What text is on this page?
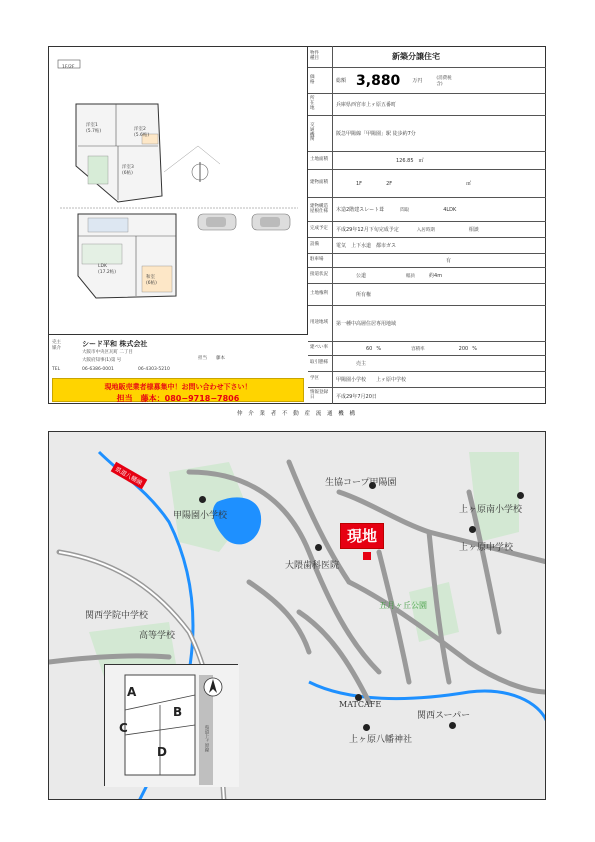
1F/2F
洋室1
(5.7帖)	洋室2
(5.6帖)
洋室3
(6帖)
LDK
(17.2帖)
和室
(6帖)
物件
種目	新築分譲住宅
価
格	総額 3,880	万円	(消費税
含)
所
在
地
兵庫県西宮市上ヶ原五番町
交
通
機
関
阪急甲陽線「甲陽園」駅 徒歩約7分
土地面積	126.85　㎡
建物面積	1F	2F	㎡
建物構造
屋根仕様	木造2階建スレート葺	間取	4LDK
完成予定	平成29年12月下旬完成予定	入居時期	相談
設備	電気　上下水道　都市ガス
駐車場	有
接道状況	公道	幅員	約4m
土地権利	所有権
用途地域	第一種中高層住居専用地域
建ぺい率	60 %	容積率	200 %
取引態様	売主
学区	甲陽園小学校　　上ヶ原中学校
情報登録日	平成29年7月20日
売主
媒介
シード平和 株式会社
大阪市中央区瓦町 二丁目
大阪府知事(1)第 号
TEL	06-6386-0001	06-4303-5210
担当 藤本
現地販売業者様募集中！お問い合わせ下さい！
担当　藤本：080−9718−7806
仲 介 業 者 不 動 産 流 通 機 構
生協コープ甲陽園
甲陽園小学校
上ヶ原南小学校
上ヶ原中学校
大隈歯科医院
五月ヶ丘公園
関西学院中学校
高等学校
MATCAFE
関西スーパー
上ヶ原八幡神社
県道八幡線
現地
A
B
C
D	県道上ヶ原線
